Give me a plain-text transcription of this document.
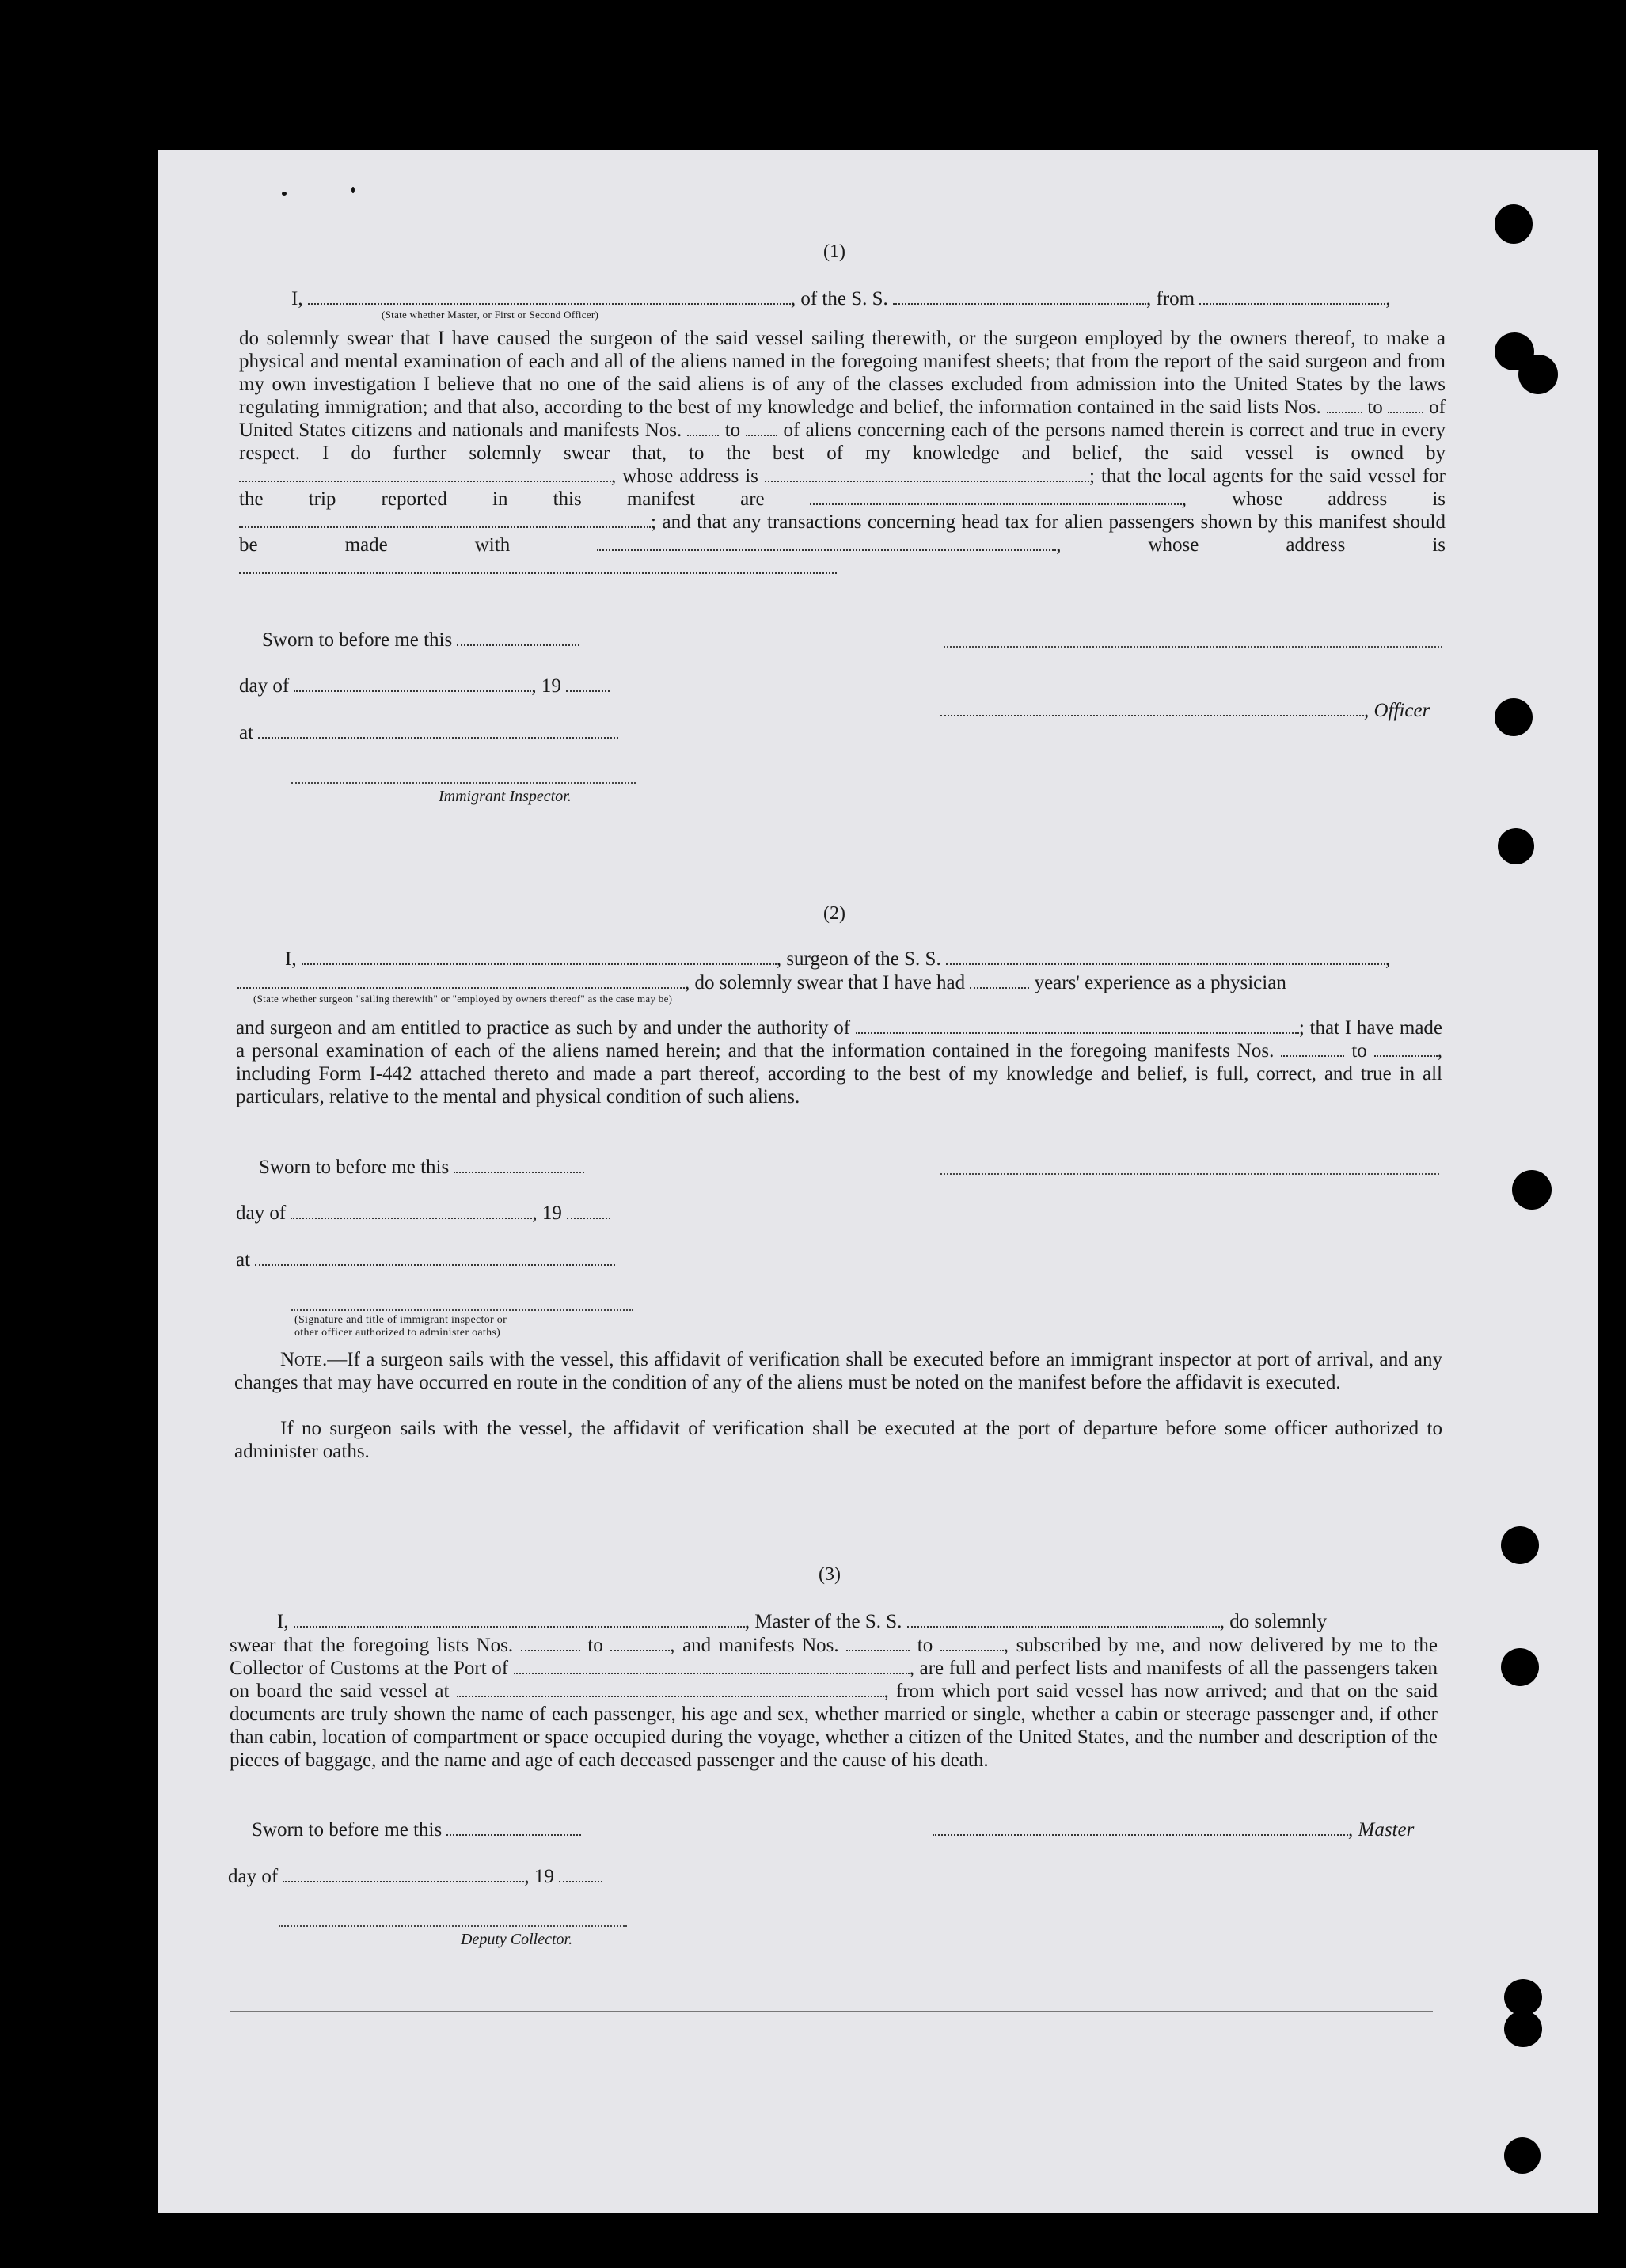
(1)
I,	, of the S. S.	, from	,
(State whether Master, or First or Second Officer)
do solemnly swear that I have caused the surgeon of the said vessel sailing therewith, or the surgeon employed by the owners thereof, to make a physical and mental examination of each and all of the aliens named in the foregoing manifest sheets; that from the report of the said surgeon and from my own investigation I believe that no one of the said aliens is of any of the classes excluded from admission into the United States by the laws regulating immigration; and that also, according to the best of my knowledge and belief, the information contained in the said lists Nos. to of United States citizens and nationals and manifests Nos. to of aliens concerning each of the persons named therein is correct and true in every respect. I do further solemnly swear that, to the best of my knowledge and belief, the said vessel is owned by , whose address is	; that the local agents for the said vessel for the trip reported in this manifest are	, whose address is ; and that any transactions concerning head tax for alien passengers shown by this manifest should be made with	, whose address is
Sworn to before me this
day of	, 19
, Officer
at
Immigrant Inspector.
(2)
I,	, surgeon of the S. S.	,
, do solemnly swear that I have had	years' experience as a physician
(State whether surgeon "sailing therewith" or "employed by owners thereof" as the case may be)
and surgeon and am entitled to practice as such by and under the authority of	; that I have made a personal examination of each of the aliens named herein; and that the information contained in the foregoing manifests Nos.	to	, including Form I-442 attached thereto and made a part thereof, according to the best of my knowledge and belief, is full, correct, and true in all particulars, relative to the mental and physical condition of such aliens.
Sworn to before me this
day of	, 19
at
(Signature and title of immigrant inspector or
other officer authorized to administer oaths)
Note.—If a surgeon sails with the vessel, this affidavit of verification shall be executed before an immigrant inspector at port of arrival, and any changes that may have occurred en route in the condition of any of the aliens must be noted on the manifest before the affidavit is executed.
If no surgeon sails with the vessel, the affidavit of verification shall be executed at the port of departure before some officer authorized to administer oaths.
(3)
I,	, Master of the S. S.	, do solemnly
swear that the foregoing lists Nos.	to	, and manifests Nos.	to	, subscribed by me, and now delivered by me to the Collector of Customs at the Port of	, are full and perfect lists and manifests of all the passengers taken on board the said vessel at	, from which port said vessel has now arrived; and that on the said documents are truly shown the name of each passenger, his age and sex, whether married or single, whether a cabin or steerage passenger and, if other than cabin, location of compartment or space occupied during the voyage, whether a citizen of the United States, and the number and description of the pieces of baggage, and the name and age of each deceased passenger and the cause of his death.
Sworn to before me this	, Master
day of	, 19
Deputy Collector.
